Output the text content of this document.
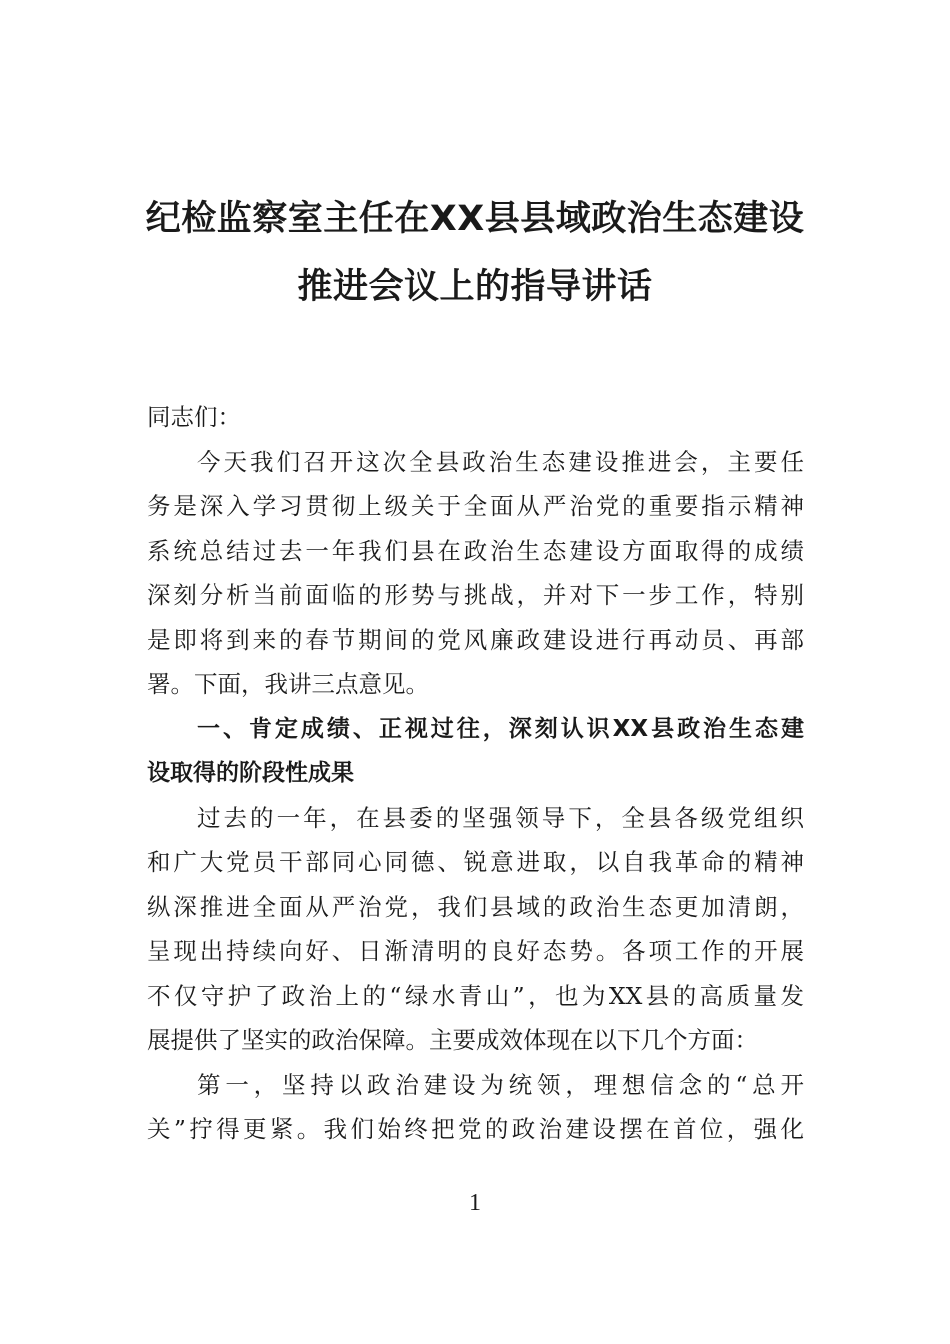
纪检监察室主任在XX县县域政治生态建设
推进会议上的指导讲话
同志们：
今天我们召开这次全县政治生态建设推进会，主要任
务是深入学习贯彻上级关于全面从严治党的重要指示精神
系统总结过去一年我们县在政治生态建设方面取得的成绩
深刻分析当前面临的形势与挑战，并对下一步工作，特别
是即将到来的春节期间的党风廉政建设进行再动员、再部
署。下面，我讲三点意见。
一、肯定成绩、正视过往，深刻认识XX县政治生态建
设取得的阶段性成果
过去的一年，在县委的坚强领导下，全县各级党组织
和广大党员干部同心同德、锐意进取，以自我革命的精神
纵深推进全面从严治党，我们县域的政治生态更加清朗，
呈现出持续向好、日渐清明的良好态势。各项工作的开展
不仅守护了政治上的“绿水青山”，也为XX县的高质量发
展提供了坚实的政治保障。主要成效体现在以下几个方面：
第一，坚持以政治建设为统领，理想信念的“总开
关”拧得更紧。我们始终把党的政治建设摆在首位，强化
1
